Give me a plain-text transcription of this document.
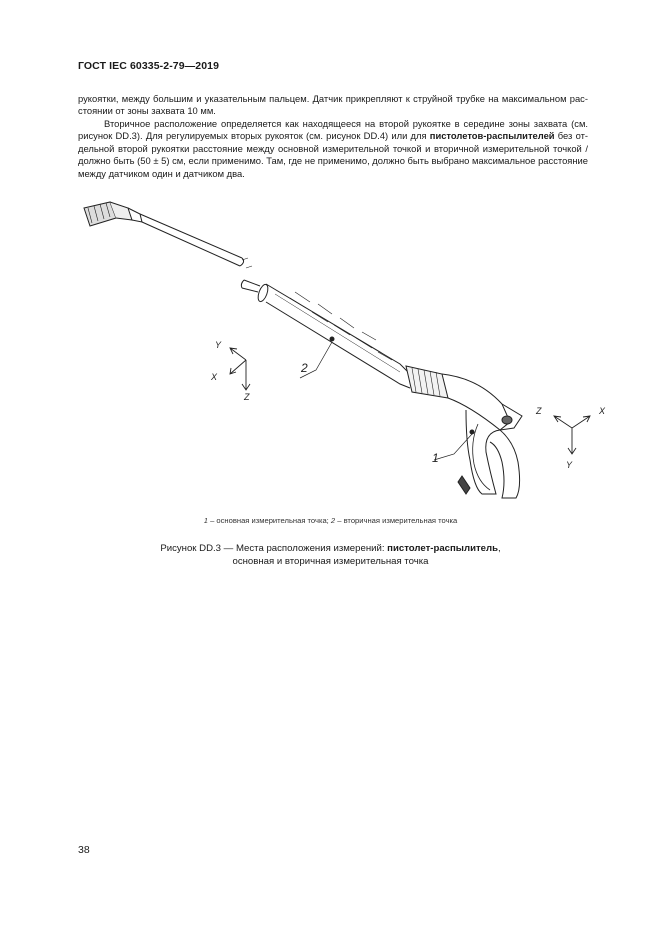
ГОСТ IEC 60335-2-79—2019
рукоятки, между большим и указательным пальцем. Датчик прикрепляют к струйной трубке на максимальном рас-стоянии от зоны захвата 10 мм.
Вторичное расположение определяется как находящееся на второй рукоятке в середине зоны захвата (см. рисунок DD.3). Для регулируемых вторых рукояток (см. рисунок DD.4) или для пистолетов-распылителей без от-дельной второй рукоятки расстояние между основной измерительной точкой и вторичной измерительной точкой / должно быть (50 ± 5) см, если применимо. Там, где не применимо, должно быть выбрано максимальное расстояние между датчиком один и датчиком два.
2
1
Y
X
Z
Z	X
Y
1 – основная измерительная точка; 2 – вторичная измерительная точка
Рисунок DD.3 — Места расположения измерений: пистолет-распылитель,
основная и вторичная измерительная точка
38
